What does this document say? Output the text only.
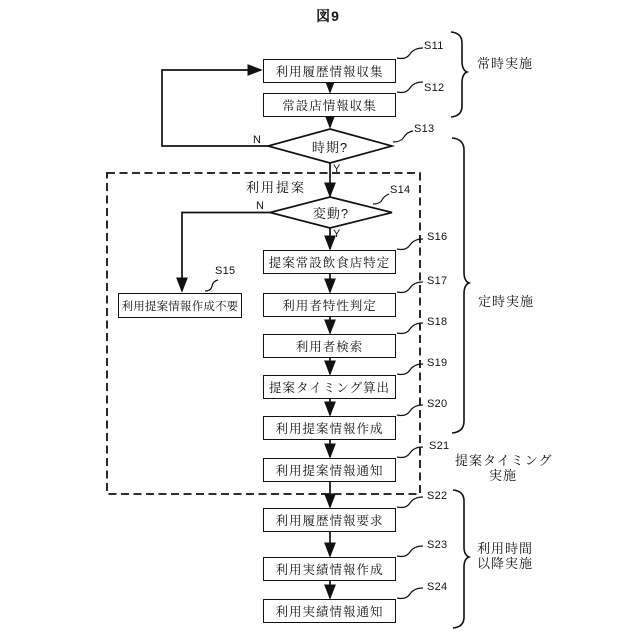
図9
利用履歴情報収集
常設店情報収集
利用提案情報作成不要
提案常設飲食店特定
利用者特性判定
利用者検索
提案タイミング算出
利用提案情報作成
利用提案情報通知
利用履歴情報要求
利用実績情報作成
利用実績情報通知
時期?
変動?
N
Y
N
Y
S11
S12
S13
S14
S15
S16
S17
S18
S19
S20
S21
S22
S23
S24
利用提案
常時実施
定時実施
提案タイミング
実施
利用時間
以降実施
